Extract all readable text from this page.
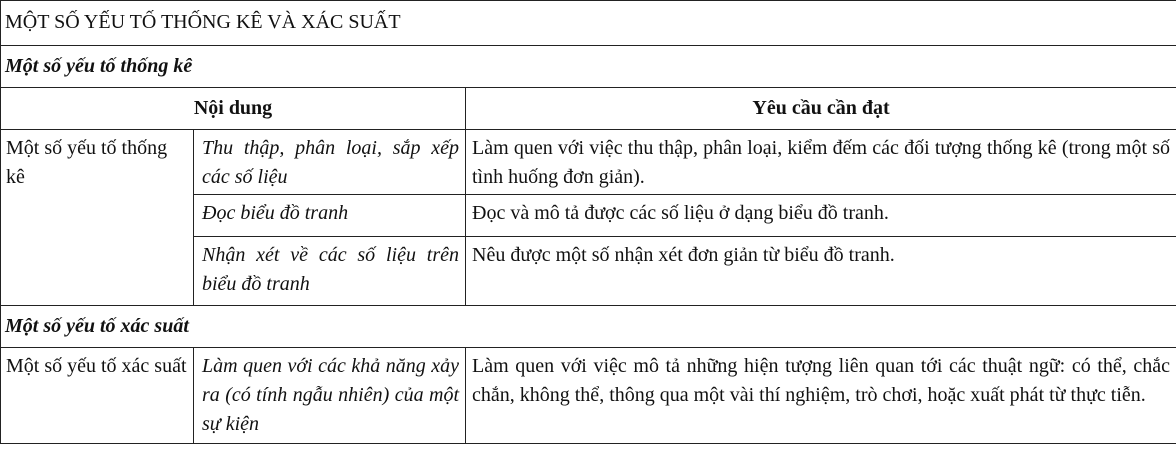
MỘT SỐ YẾU TỐ THỐNG KÊ VÀ XÁC SUẤT		
Một số yếu tố thống kê		
Nội dung		Yêu cầu cần đạt
Một số yếu tố thống kê	Thu thập, phân loại, sắp xếp các số liệu	Làm quen với việc thu thập, phân loại, kiểm đếm các đối tượng thống kê (trong một số tình huống đơn giản).
	Đọc biểu đồ tranh	Đọc và mô tả được các số liệu ở dạng biểu đồ tranh.
	Nhận xét về các số liệu trên biểu đồ tranh	Nêu được một số nhận xét đơn giản từ biểu đồ tranh.
Một số yếu tố xác suất		
Một số yếu tố xác suất	Làm quen với các khả năng xảy ra (có tính ngẫu nhiên) của một sự kiện	Làm quen với việc mô tả những hiện tượng liên quan tới các thuật ngữ: có thể, chắc chắn, không thể, thông qua một vài thí nghiệm, trò chơi, hoặc xuất phát từ thực tiễn.
